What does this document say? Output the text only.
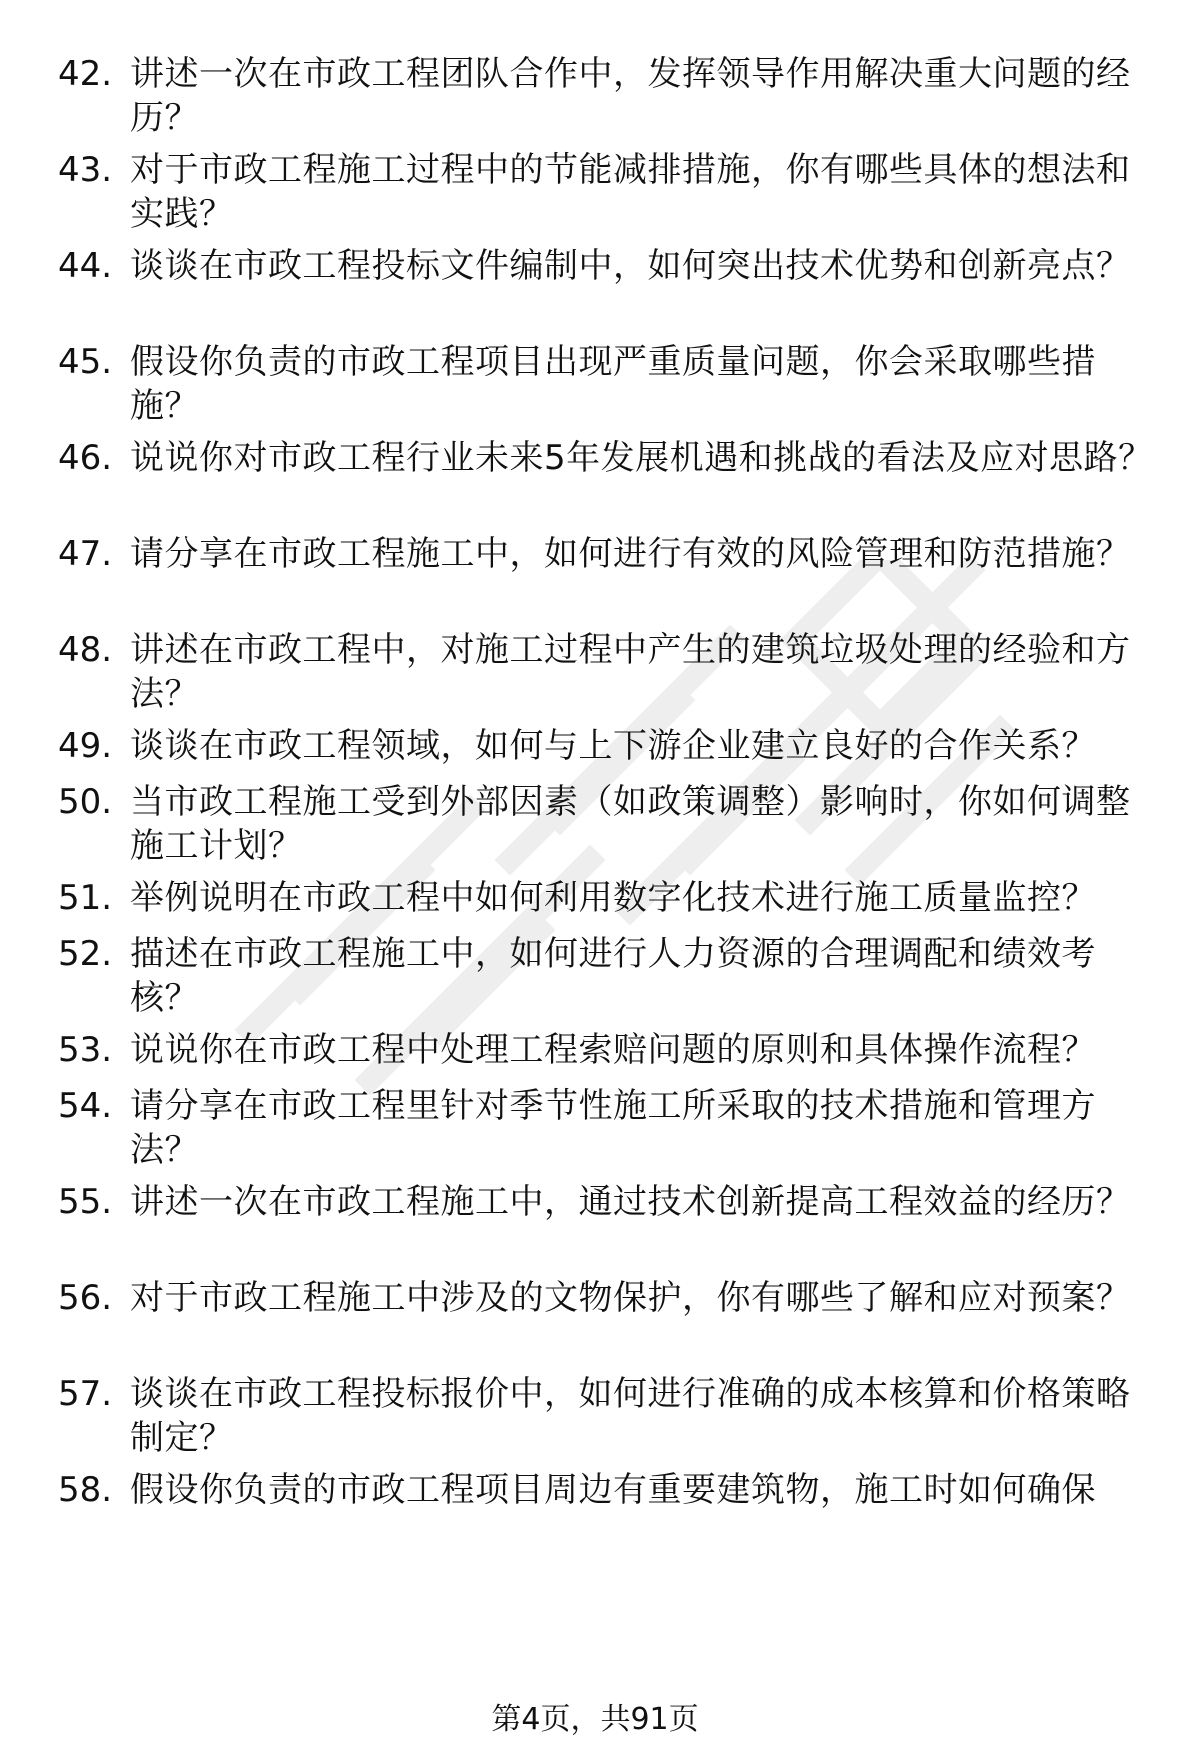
42. 讲述一次在市政工程团队合作中，发挥领导作用解决重大问题的经历？
43. 对于市政工程施工过程中的节能减排措施，你有哪些具体的想法和实践？
44. 谈谈在市政工程投标文件编制中，如何突出技术优势和创新亮点？
45. 假设你负责的市政工程项目出现严重质量问题，你会采取哪些措施？
46. 说说你对市政工程行业未来5年发展机遇和挑战的看法及应对思路？
47. 请分享在市政工程施工中，如何进行有效的风险管理和防范措施？
48. 讲述在市政工程中，对施工过程中产生的建筑垃圾处理的经验和方法？
49. 谈谈在市政工程领域，如何与上下游企业建立良好的合作关系？
50. 当市政工程施工受到外部因素（如政策调整）影响时，你如何调整施工计划？
51. 举例说明在市政工程中如何利用数字化技术进行施工质量监控？
52. 描述在市政工程施工中，如何进行人力资源的合理调配和绩效考核？
53. 说说你在市政工程中处理工程索赔问题的原则和具体操作流程？
54. 请分享在市政工程里针对季节性施工所采取的技术措施和管理方法？
55. 讲述一次在市政工程施工中，通过技术创新提高工程效益的经历？
56. 对于市政工程施工中涉及的文物保护，你有哪些了解和应对预案？
57. 谈谈在市政工程投标报价中，如何进行准确的成本核算和价格策略制定？
58. 假设你负责的市政工程项目周边有重要建筑物，施工时如何确保
第4页，共91页
